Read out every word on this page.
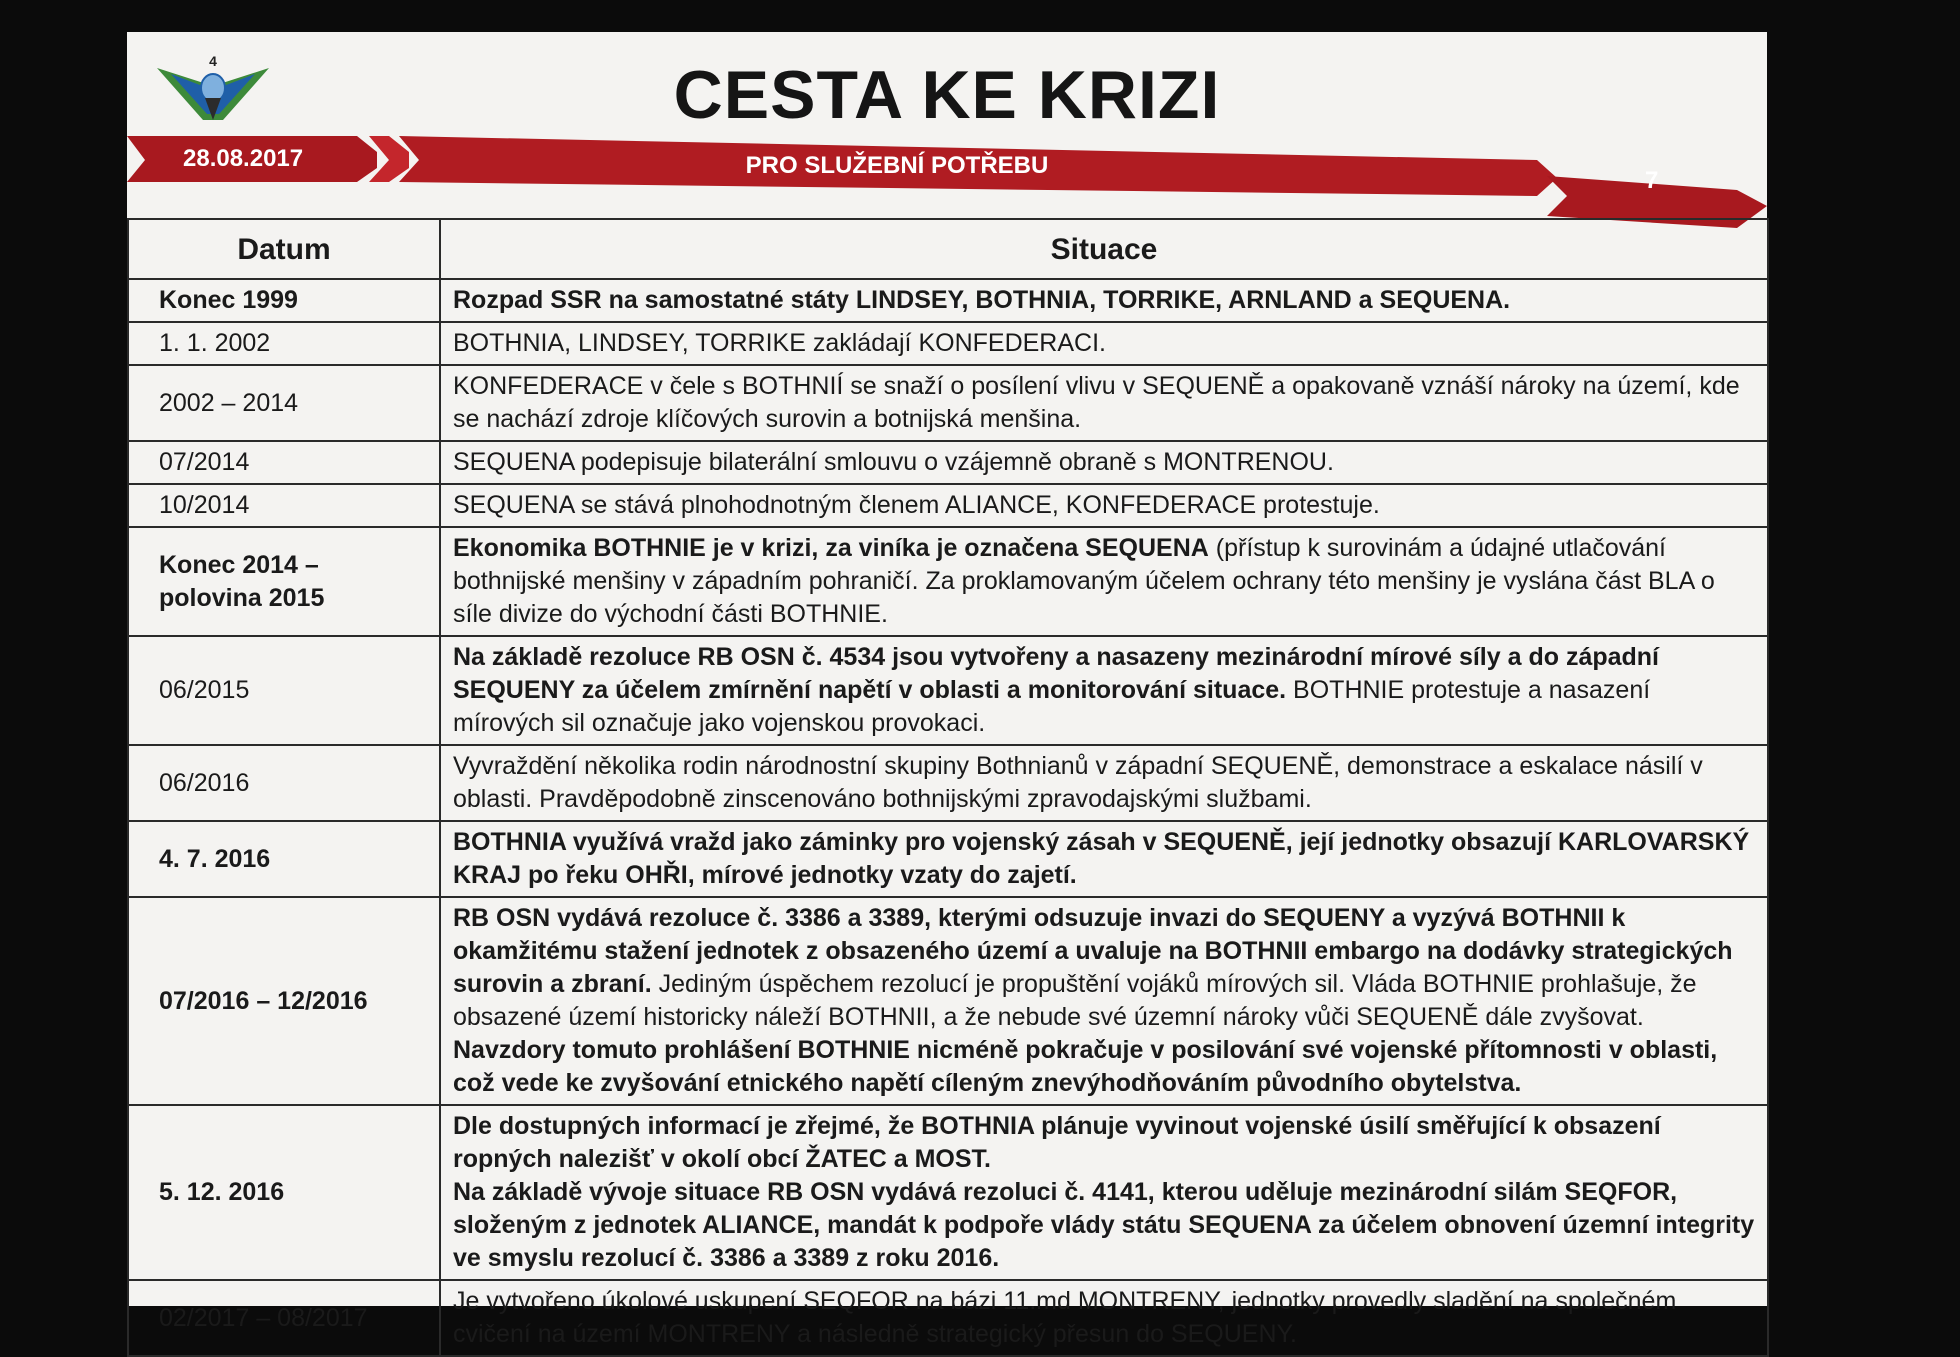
4	CESTA KE KRIZI
28.08.2017	PRO SLUŽEBNÍ POTŘEBU
7
Datum	Situace
Konec 1999	Rozpad SSR na samostatné státy LINDSEY, BOTHNIA, TORRIKE, ARNLAND a SEQUENA.
1. 1. 2002	BOTHNIA, LINDSEY, TORRIKE zakládají KONFEDERACI.
2002 – 2014	KONFEDERACE v čele s BOTHNIÍ se snaží o posílení vlivu v SEQUENĚ a opakovaně vznáší nároky na území, kde se nachází zdroje klíčových surovin a botnijská menšina.
07/2014	SEQUENA podepisuje bilaterální smlouvu o vzájemně obraně s MONTRENOU.
10/2014	SEQUENA se stává plnohodnotným členem ALIANCE, KONFEDERACE protestuje.
Konec 2014 – polovina 2015	Ekonomika BOTHNIE je v krizi, za viníka je označena SEQUENA (přístup k surovinám a údajné utlačování bothnijské menšiny v západním pohraničí. Za proklamovaným účelem ochrany této menšiny je vyslána část BLA o síle divize do východní části BOTHNIE.
06/2015	Na základě rezoluce RB OSN č. 4534 jsou vytvořeny a nasazeny mezinárodní mírové síly a do západní SEQUENY za účelem zmírnění napětí v oblasti a monitorování situace. BOTHNIE protestuje a nasazení mírových sil označuje jako vojenskou provokaci.
06/2016	Vyvraždění několika rodin národnostní skupiny Bothnianů v západní SEQUENĚ, demonstrace a eskalace násilí v oblasti. Pravděpodobně zinscenováno bothnijskými zpravodajskými službami.
4. 7. 2016	BOTHNIA využívá vražd jako záminky pro vojenský zásah v SEQUENĚ, její jednotky obsazují KARLOVARSKÝ KRAJ po řeku OHŘI, mírové jednotky vzaty do zajetí.
07/2016 – 12/2016	RB OSN vydává rezoluce č. 3386 a 3389, kterými odsuzuje invazi do SEQUENY a vyzývá BOTHNII k okamžitému stažení jednotek z obsazeného území a uvaluje na BOTHNII embargo na dodávky strategických surovin a zbraní. Jediným úspěchem rezolucí je propuštění vojáků mírových sil. Vláda BOTHNIE prohlašuje, že obsazené území historicky náleží BOTHNII, a že nebude své územní nároky vůči SEQUENĚ dále zvyšovat.

Navzdory tomuto prohlášení BOTHNIE nicméně pokračuje v posilování své vojenské přítomnosti v oblasti, což vede ke zvyšování etnického napětí cíleným znevýhodňováním původního obytelstva.

5. 12. 2016	Dle dostupných informací je zřejmé, že BOTHNIA plánuje vyvinout vojenské úsilí směřující k obsazení ropných nalezišť v okolí obcí ŽATEC a MOST.

Na základě vývoje situace RB OSN vydává rezoluci č. 4141, kterou uděluje mezinárodní silám SEQFOR, složeným z jednotek ALIANCE, mandát k podpoře vlády státu SEQUENA za účelem obnovení územní integrity ve smyslu rezolucí č. 3386 a 3389 z roku 2016.

02/2017 – 08/2017	Je vytvořeno úkolové uskupení SEQFOR na bázi 11.md MONTRENY, jednotky provedly sladění na společném cvičení na území MONTRENY a následně strategický přesun do SEQUENY.
